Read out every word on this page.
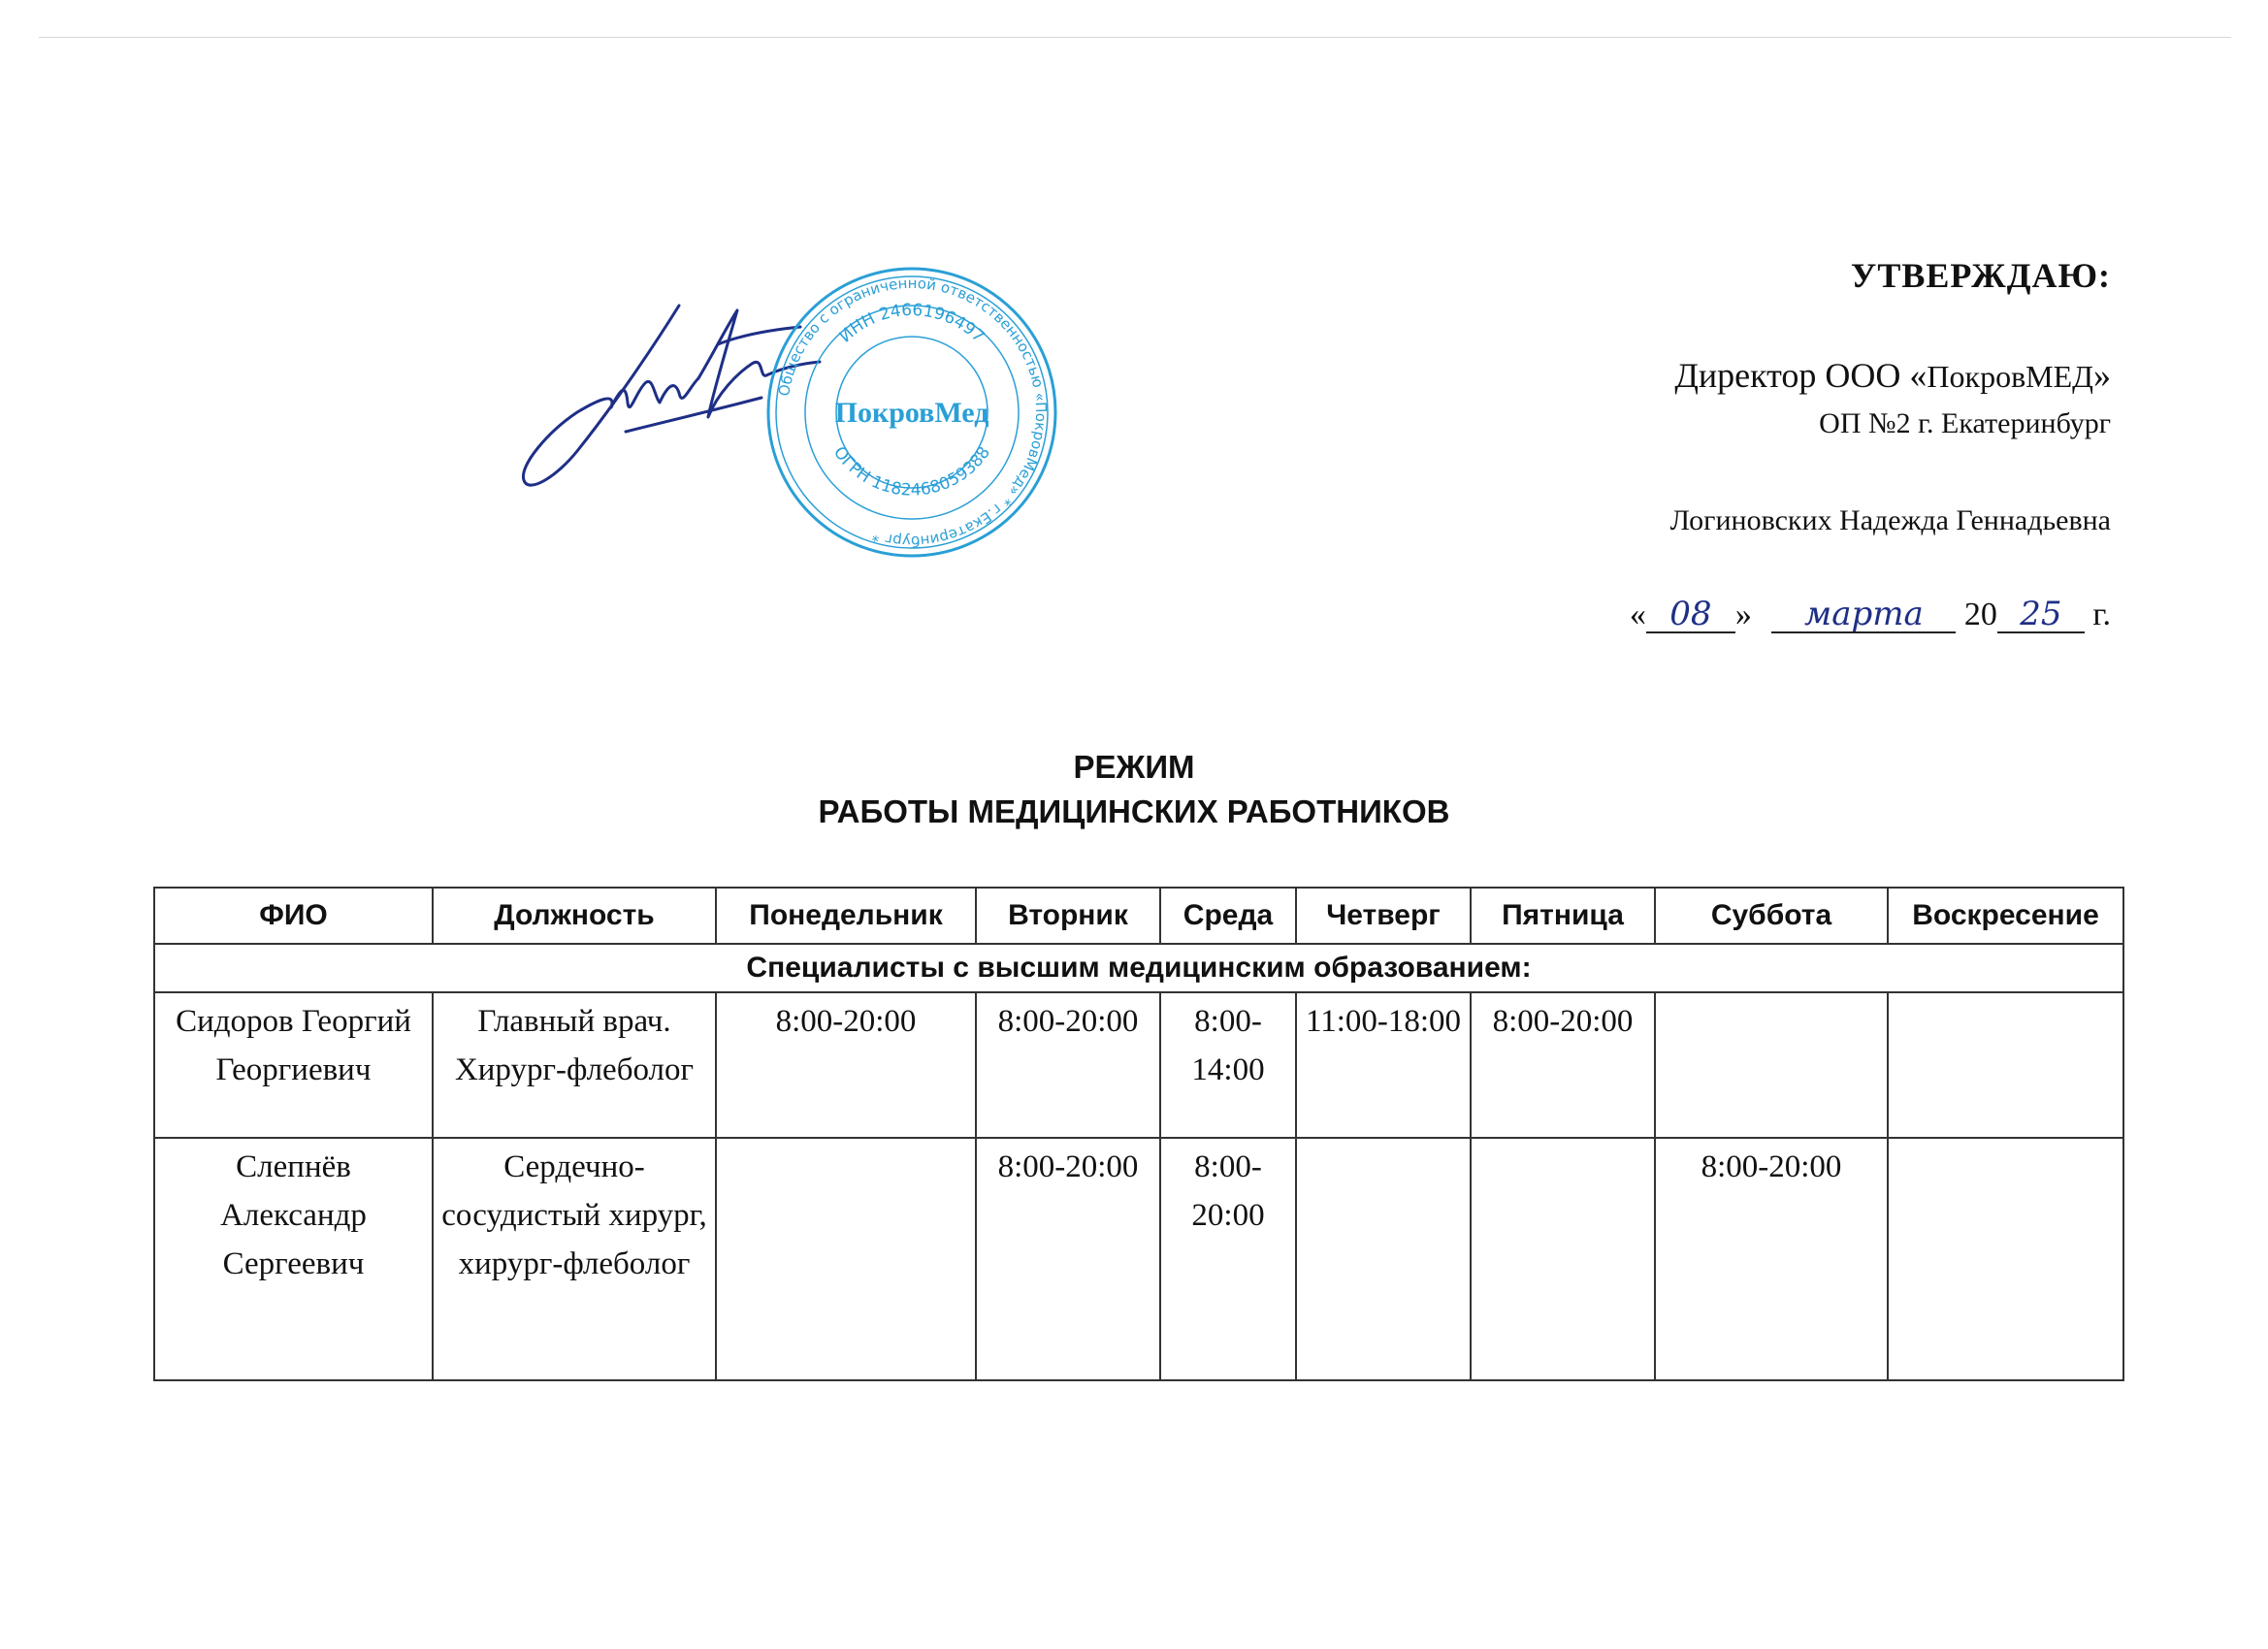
Общество с ограниченной ответственностью «ПокровМед» * г.Екатеринбург *
ИНН 2466196497
ОГРН 1182468059388
ПокровМед
УТВЕРЖДАЮ:
Директор ООО «ПокровМЕД»
ОП №2 г. Екатеринбург
Логиновских Надежда Геннадьевна
« 08 » марта 20 25 г.
РЕЖИМ
РАБОТЫ МЕДИЦИНСКИХ РАБОТНИКОВ
ФИО	Должность	Понедельник	Вторник	Среда	Четверг	Пятница	Суббота	Воскресение
Специалисты с высшим медицинским образованием:								
Сидоров Георгий Георгиевич	Главный врач. Хирург-флеболог	8:00-20:00	8:00-20:00	8:00-14:00	11:00-18:00	8:00-20:00		
Слепнёв Александр Сергеевич	Сердечно-сосудистый хирург, хирург-флеболог		8:00-20:00	8:00-20:00			8:00-20:00	
